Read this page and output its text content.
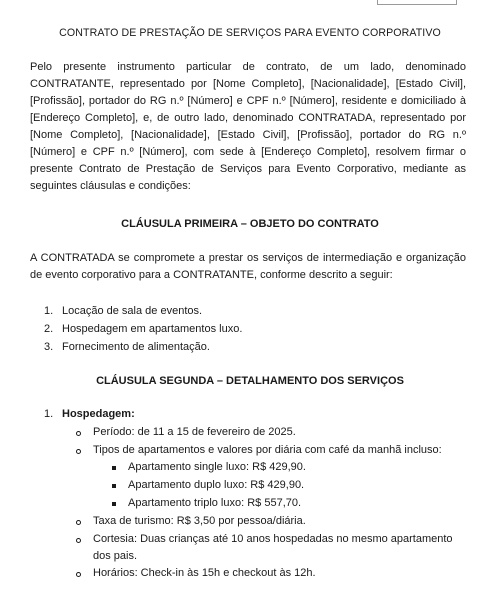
CONTRATO DE PRESTAÇÃO DE SERVIÇOS PARA EVENTO CORPORATIVO

Pelo presente instrumento particular de contrato, de um lado, denominado CONTRATANTE, representado por [Nome Completo], [Nacionalidade], [Estado Civil], [Profissão], portador do RG n.º [Número] e CPF n.º [Número], residente e domiciliado à [Endereço Completo], e, de outro lado, denominado CONTRATADA, representado por [Nome Completo], [Nacionalidade], [Estado Civil], [Profissão], portador do RG n.º [Número] e CPF n.º [Número], com sede à [Endereço Completo], resolvem firmar o presente Contrato de Prestação de Serviços para Evento Corporativo, mediante as seguintes cláusulas e condições:

CLÁUSULA PRIMEIRA – OBJETO DO CONTRATO

A CONTRATADA se compromete a prestar os serviços de intermediação e organização de evento corporativo para a CONTRATANTE, conforme descrito a seguir:

1. Locação de sala de eventos.
2. Hospedagem em apartamentos luxo.
3. Fornecimento de alimentação.
CLÁUSULA SEGUNDA – DETALHAMENTO DOS SERVIÇOS
1. Hospedagem:
Período: de 11 a 15 de fevereiro de 2025.
Tipos de apartamentos e valores por diária com café da manhã incluso:
Apartamento single luxo: R$ 429,90.
Apartamento duplo luxo: R$ 429,90.
Apartamento triplo luxo: R$ 557,70.
Taxa de turismo: R$ 3,50 por pessoa/diária.
Cortesia: Duas crianças até 10 anos hospedadas no mesmo apartamento dos pais.
Horários: Check-in às 15h e checkout às 12h.
